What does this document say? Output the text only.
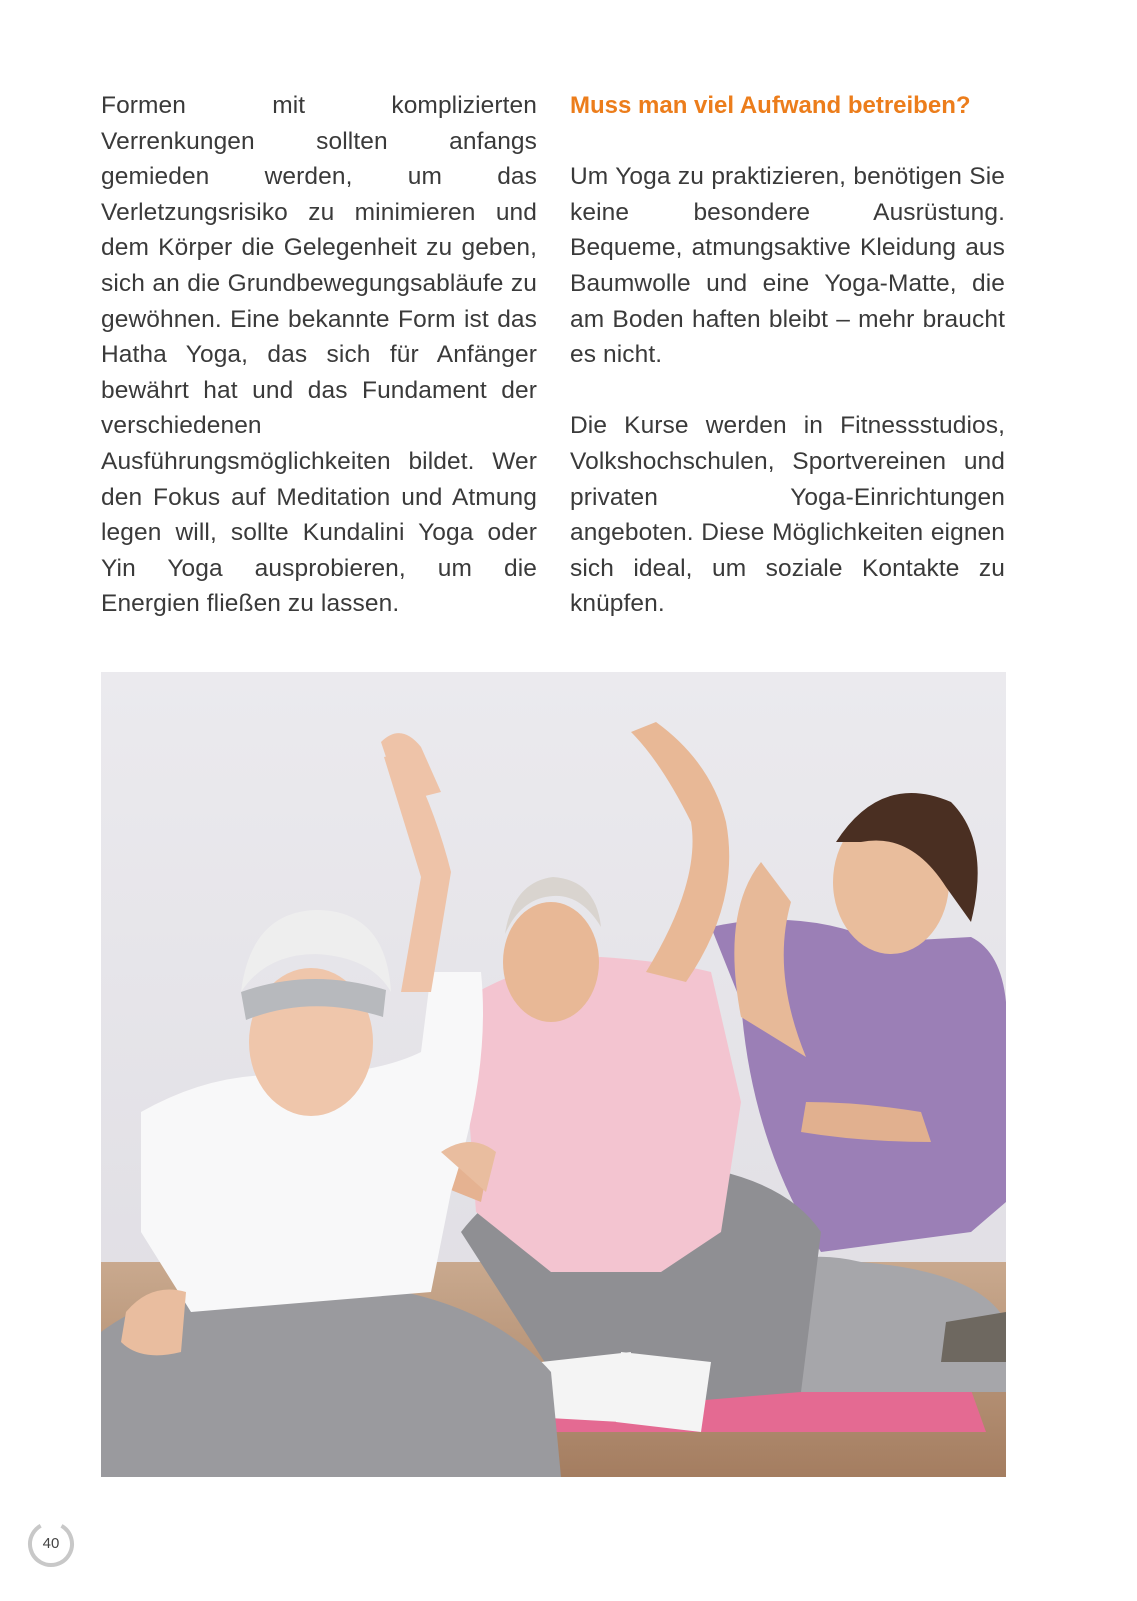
Formen mit komplizierten Verrenkungen sollten anfangs gemieden werden, um das Verletzungsrisiko zu minimieren und dem Körper die Gelegenheit zu geben, sich an die Grundbewegungsabläufe zu gewöhnen. Eine bekannte Form ist das Hatha Yoga, das sich für Anfänger bewährt hat und das Fundament der verschiedenen Ausführungsmöglichkeiten bildet. Wer den Fokus auf Meditation und Atmung legen will, sollte Kundalini Yoga oder Yin Yoga ausprobieren, um die Energien fließen zu lassen.

Muss man viel Aufwand betreiben?

Um Yoga zu praktizieren, benötigen Sie keine besondere Ausrüstung. Bequeme, atmungsaktive Kleidung aus Baumwolle und eine Yoga-Matte, die am Boden haften bleibt – mehr braucht es nicht.

Die Kurse werden in Fitnessstudios, Volkshochschulen, Sportvereinen und privaten Yoga-Einrichtungen angeboten. Diese Möglichkeiten eignen sich ideal, um soziale Kontakte zu knüpfen.

40
